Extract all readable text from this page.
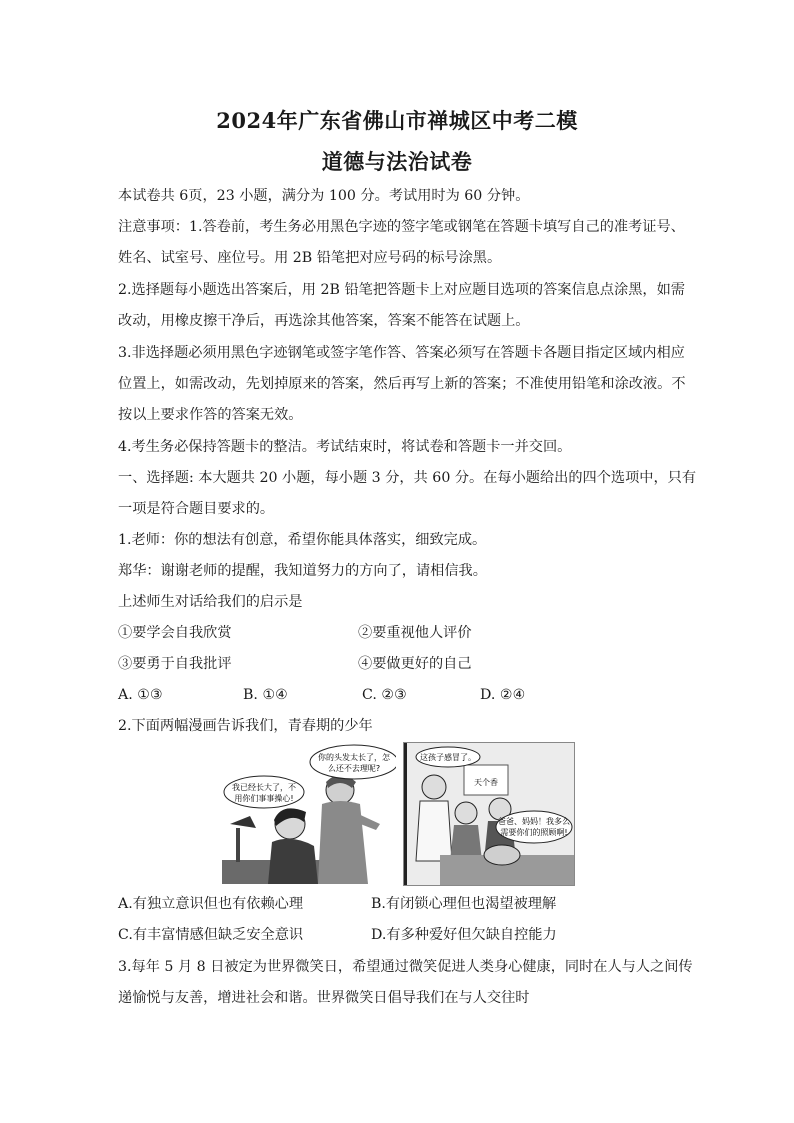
2024年广东省佛山市禅城区中考二模
道德与法治试卷
本试卷共 6页，23 小题，满分为 100 分。考试用时为 60 分钟。
注意事项：1.答卷前，考生务必用黑色字迹的签字笔或钢笔在答题卡填写自己的准考证号、
姓名、试室号、座位号。用 2B 铅笔把对应号码的标号涂黑。
2.选择题每小题选出答案后，用 2B 铅笔把答题卡上对应题目选项的答案信息点涂黑，如需
改动，用橡皮擦干净后，再选涂其他答案，答案不能答在试题上。
3.非选择题必须用黑色字迹钢笔或签字笔作答、答案必须写在答题卡各题目指定区域内相应
位置上，如需改动，先划掉原来的答案，然后再写上新的答案；不准使用铅笔和涂改液。不
按以上要求作答的答案无效。
4.考生务必保持答题卡的整洁。考试结束时，将试卷和答题卡一并交回。
一、选择题: 本大题共 20 小题，每小题 3 分，共 60 分。在每小题给出的四个选项中，只有
一项是符合题目要求的。
1.老师：你的想法有创意，希望你能具体落实，细致完成。
郑华：谢谢老师的提醒，我知道努力的方向了，请相信我。
上述师生对话给我们的启示是
①要学会自我欣赏	②要重视他人评价
③要勇于自我批评	④要做更好的自己
A. ①③	B. ①④	C. ②③	D. ②④
2.下面两幅漫画告诉我们，青春期的少年
你的头发太长了，怎
么还不去理呢?
我已经长大了，不
用你们事事操心!
天个香
这孩子感冒了。
爸爸、妈妈！我多么
需要你们的照顾啊!
A.有独立意识但也有依赖心理	B.有闭锁心理但也渴望被理解
C.有丰富情感但缺乏安全意识	D.有多种爱好但欠缺自控能力
3.每年 5 月 8 日被定为世界微笑日，希望通过微笑促进人类身心健康，同时在人与人之间传
递愉悦与友善，增进社会和谐。世界微笑日倡导我们在与人交往时
